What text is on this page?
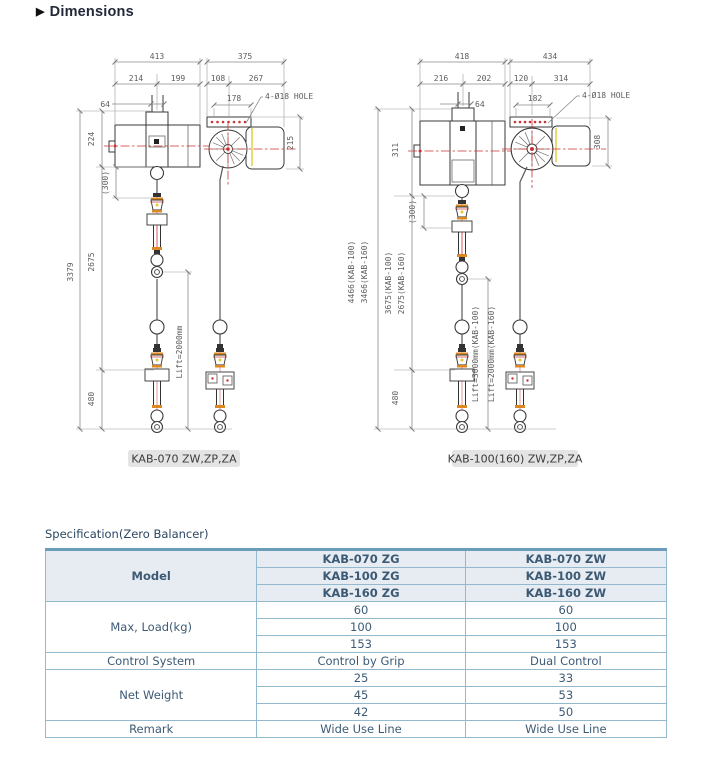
▶ Dimensions
413
214	199
64
3379
224
(300)
2675
480
Lift=2000mm
375
108	267
178	4-Ø18 HOLE
215
KAB-070 ZW,ZP,ZA
418
216	202
64
4466(KAB-100) 3466(KAB-160)
311
(300)
3675(KAB-100) 2675(KAB-160)
480	Lift=3000mm(KAB-100) Lift=2000mm(KAB-160)
434
120	314
182	4-Ø18 HOLE
308
KAB-100(160) ZW,ZP,ZA
Specification(Zero Balancer)
Model	KAB-070 ZG	KAB-070 ZW
	KAB-100 ZG	KAB-100 ZW
	KAB-160 ZG	KAB-160 ZW
Max, Load(kg)	60	60
	100	100
	153	153
Control System	Control by Grip	Dual Control
Net Weight	25	33
	45	53
	42	50
Remark	Wide Use Line	Wide Use Line
